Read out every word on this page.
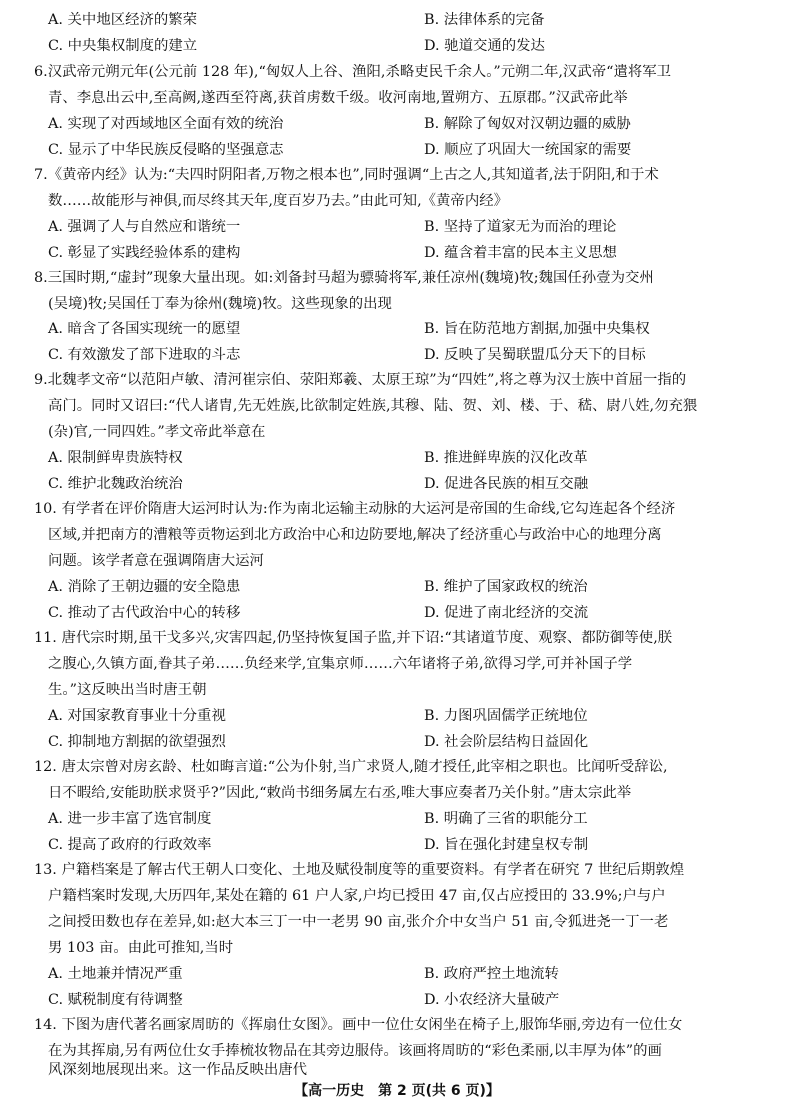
A. 关中地区经济的繁荣	B. 法律体系的完备
C. 中央集权制度的建立	D. 驰道交通的发达
6.汉武帝元朔元年(公元前 128 年),“匈奴人上谷、渔阳,杀略吏民千余人。”元朔二年,汉武帝“遣将军卫
青、李息出云中,至高阙,遂西至符离,获首虏数千级。收河南地,置朔方、五原郡。”汉武帝此举
A. 实现了对西域地区全面有效的统治	B. 解除了匈奴对汉朝边疆的威胁
C. 显示了中华民族反侵略的坚强意志	D. 顺应了巩固大一统国家的需要
7.《黄帝内经》认为:“夫四时阴阳者,万物之根本也”,同时强调“上古之人,其知道者,法于阴阳,和于术
数……故能形与神俱,而尽终其天年,度百岁乃去。”由此可知,《黄帝内经》
A. 强调了人与自然应和谐统一	B. 坚持了道家无为而治的理论
C. 彰显了实践经验体系的建构	D. 蕴含着丰富的民本主义思想
8.三国时期,“虚封”现象大量出现。如:刘备封马超为骠骑将军,兼任凉州(魏境)牧;魏国任孙壹为交州
(吴境)牧;吴国任丁奉为徐州(魏境)牧。这些现象的出现
A. 暗含了各国实现统一的愿望	B. 旨在防范地方割据,加强中央集权
C. 有效激发了部下进取的斗志	D. 反映了吴蜀联盟瓜分天下的目标
9.北魏孝文帝“以范阳卢敏、清河崔宗伯、荥阳郑羲、太原王琼”为“四姓”,将之尊为汉士族中首屈一指的
高门。同时又诏曰:“代人诸胄,先无姓族,比欲制定姓族,其穆、陆、贺、刘、楼、于、嵇、尉八姓,勿充猥
(杂)官,一同四姓。”孝文帝此举意在
A. 限制鲜卑贵族特权	B. 推进鲜卑族的汉化改革
C. 维护北魏政治统治	D. 促进各民族的相互交融
10. 有学者在评价隋唐大运河时认为:作为南北运输主动脉的大运河是帝国的生命线,它勾连起各个经济
区域,并把南方的漕粮等贡物运到北方政治中心和边防要地,解决了经济重心与政治中心的地理分离
问题。该学者意在强调隋唐大运河
A. 消除了王朝边疆的安全隐患	B. 维护了国家政权的统治
C. 推动了古代政治中心的转移	D. 促进了南北经济的交流
11. 唐代宗时期,虽干戈多兴,灾害四起,仍坚持恢复国子监,并下诏:“其诸道节度、观察、都防御等使,朕
之腹心,久镇方面,眷其子弟……负经来学,宜集京师……六年诸将子弟,欲得习学,可并补国子学
生。”这反映出当时唐王朝
A. 对国家教育事业十分重视	B. 力图巩固儒学正统地位
C. 抑制地方割据的欲望强烈	D. 社会阶层结构日益固化
12. 唐太宗曾对房玄龄、杜如晦言道:“公为仆射,当广求贤人,随才授任,此宰相之职也。比闻听受辞讼,
日不暇给,安能助朕求贤乎?”因此,“敕尚书细务属左右丞,唯大事应奏者乃关仆射。”唐太宗此举
A. 进一步丰富了选官制度	B. 明确了三省的职能分工
C. 提高了政府的行政效率	D. 旨在强化封建皇权专制
13. 户籍档案是了解古代王朝人口变化、土地及赋役制度等的重要资料。有学者在研究 7 世纪后期敦煌
户籍档案时发现,大历四年,某处在籍的 61 户人家,户均已授田 47 亩,仅占应授田的 33.9%;户与户
之间授田数也存在差异,如:赵大本三丁一中一老男 90 亩,张介介中女当户 51 亩,令狐进尧一丁一老
男 103 亩。由此可推知,当时
A. 土地兼并情况严重	B. 政府严控土地流转
C. 赋税制度有待调整	D. 小农经济大量破产
14. 下图为唐代著名画家周昉的《挥扇仕女图》。画中一位仕女闲坐在椅子上,服饰华丽,旁边有一位仕女
在为其挥扇,另有两位仕女手捧梳妆物品在其旁边服侍。该画将周昉的“彩色柔丽,以丰厚为体”的画
风深刻地展现出来。这一作品反映出唐代
【高一历史　第 2 页(共 6 页)】
